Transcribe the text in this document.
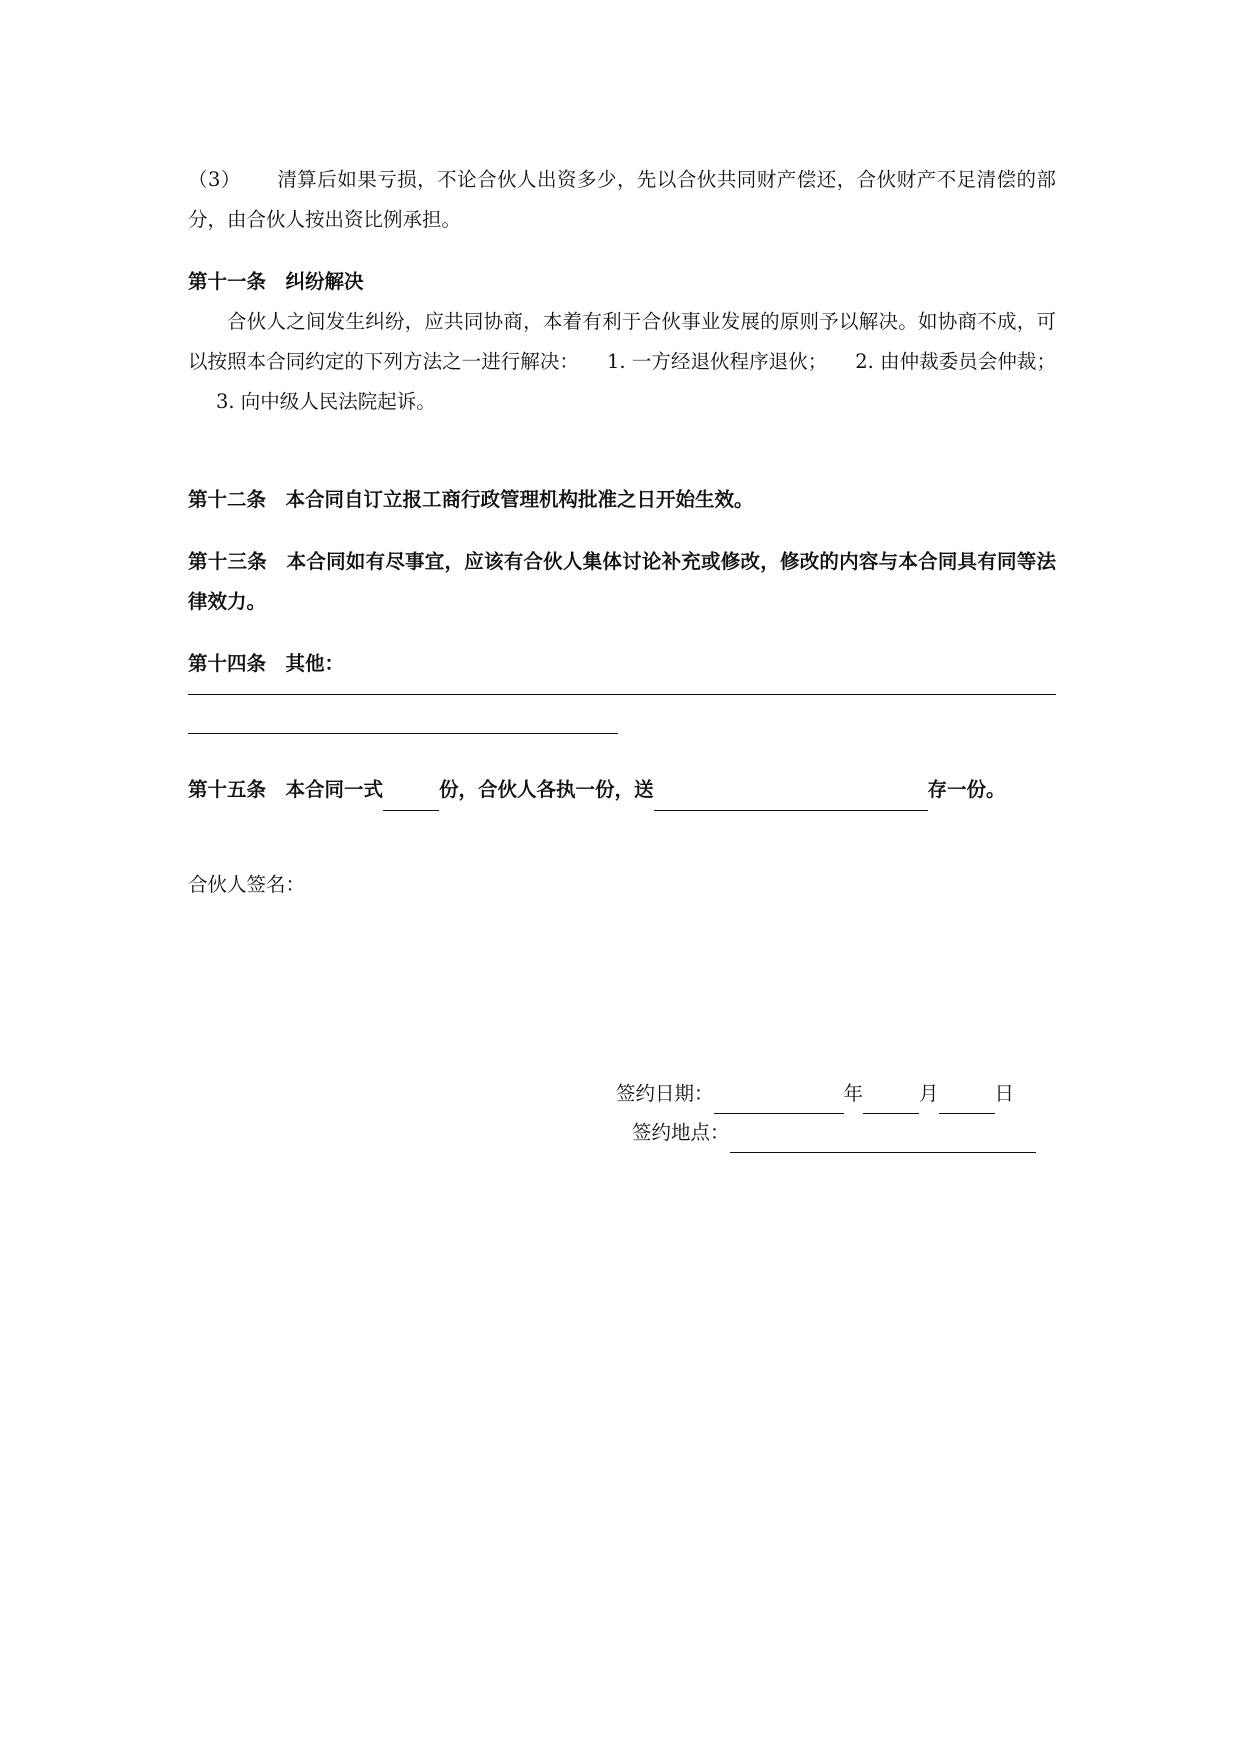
（3） 清算后如果亏损，不论合伙人出资多少，先以合伙共同财产偿还，合伙财产不足清偿的部分，由合伙人按出资比例承担。

第十一条　纠纷解决

合伙人之间发生纠纷，应共同协商，本着有利于合伙事业发展的原则予以解决。如协商不成，可以按照本合同约定的下列方法之一进行解决： 1. 一方经退伙程序退伙； 2. 由仲裁委员会仲裁；3. 向中级人民法院起诉。

第十二条　本合同自订立报工商行政管理机构批准之日开始生效。

第十三条　本合同如有尽事宜，应该有合伙人集体讨论补充或修改，修改的内容与本合同具有同等法律效力。

第十四条　其他：

第十五条　本合同一式	份，合伙人各执一份，送	存一份。

合伙人签名：

签约日期：	年	月	日
签约地点：
